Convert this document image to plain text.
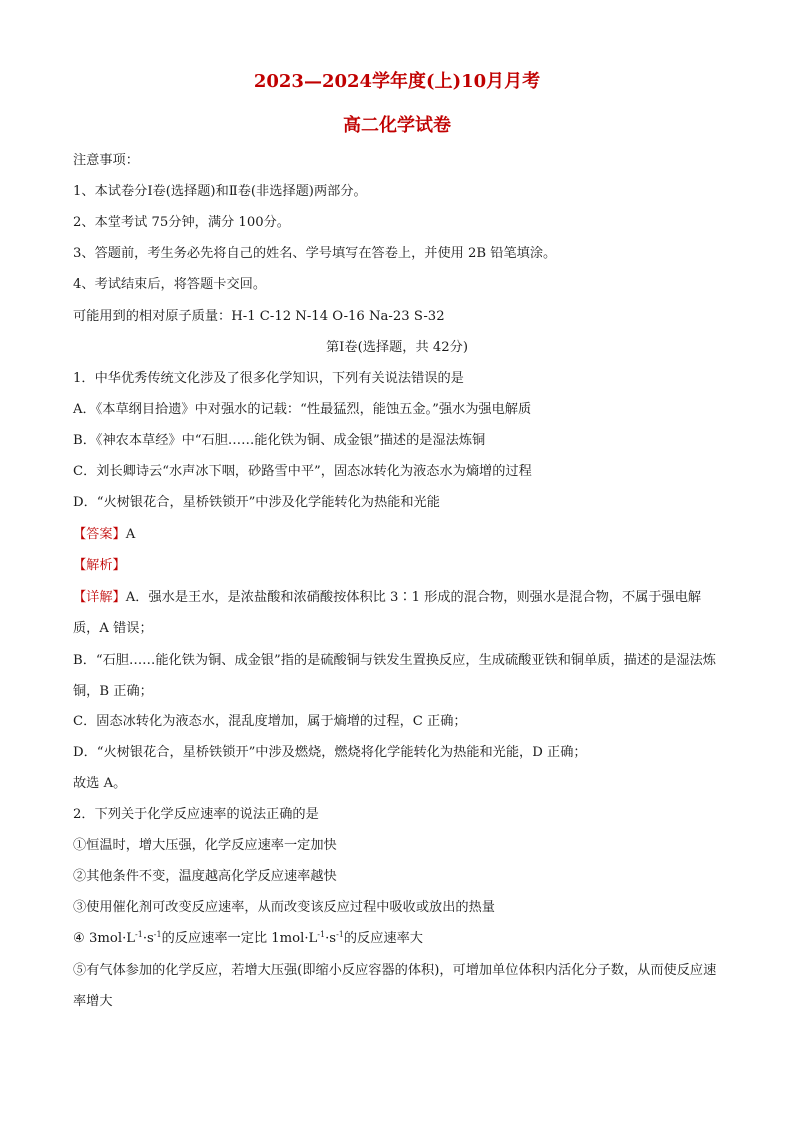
2023—2024学年度(上)10月月考
高二化学试卷
注意事项：
1、本试卷分Ⅰ卷(选择题)和Ⅱ卷(非选择题)两部分。
2、本堂考试 75分钟，满分 100分。
3、答题前，考生务必先将自己的姓名、学号填写在答卷上，并使用 2B 铅笔填涂。
4、考试结束后，将答题卡交回。
可能用到的相对原子质量：H-1 C-12 N-14 O-16 Na-23 S-32
第Ⅰ卷(选择题，共 42分)
1．中华优秀传统文化涉及了很多化学知识，下列有关说法错误的是
A．《本草纲目拾遗》中对强水的记载：“性最猛烈，能蚀五金。”强水为强电解质
B．《神农本草经》中“石胆……能化铁为铜、成金银”描述的是湿法炼铜
C．刘长卿诗云“水声冰下咽，砂路雪中平”，固态冰转化为液态水为熵增的过程
D．“火树银花合，星桥铁锁开”中涉及化学能转化为热能和光能
【答案】A
【解析】
【详解】A．强水是王水，是浓盐酸和浓硝酸按体积比 3∶1 形成的混合物，则强水是混合物，不属于强电解质，A 错误；
B．“石胆……能化铁为铜、成金银”指的是硫酸铜与铁发生置换反应，生成硫酸亚铁和铜单质，描述的是湿法炼铜，B 正确；
C．固态冰转化为液态水，混乱度增加，属于熵增的过程，C 正确；
D．“火树银花合，星桥铁锁开”中涉及燃烧，燃烧将化学能转化为热能和光能，D 正确；
故选 A。
2．下列关于化学反应速率的说法正确的是
①恒温时，增大压强，化学反应速率一定加快
②其他条件不变，温度越高化学反应速率越快
③使用催化剂可改变反应速率，从而改变该反应过程中吸收或放出的热量
④ $3mol\cdot L^{-1}\cdot s^{-1}$的反应速率一定比 $1mol\cdot L^{-1}\cdot s^{-1}$的反应速率大
⑤有气体参加的化学反应，若增大压强(即缩小反应容器的体积)，可增加单位体积内活化分子数，从而使反应速率增大
